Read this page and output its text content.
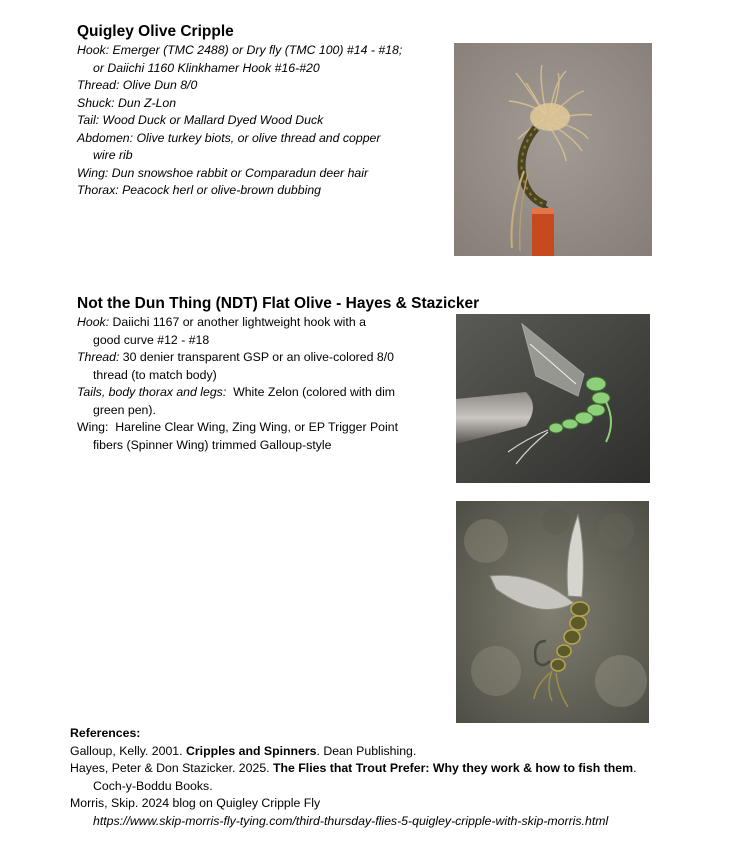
Quigley Olive Cripple
Hook: Emerger (TMC 2488) or Dry fly (TMC 100) #14 - #18;
or Daiichi 1160 Klinkhamer Hook #16-#20
Thread: Olive Dun 8/0
Shuck: Dun Z-Lon
Tail: Wood Duck or Mallard Dyed Wood Duck
Abdomen: Olive turkey biots, or olive thread and copper
wire rib
Wing: Dun snowshoe rabbit or Comparadun deer hair
Thorax: Peacock herl or olive-brown dubbing
Not the Dun Thing (NDT) Flat Olive - Hayes & Stazicker
Hook: Daiichi 1167 or another lightweight hook with a
good curve #12 - #18
Thread: 30 denier transparent GSP or an olive-colored 8/0
thread (to match body)
Tails, body thorax and legs:  White Zelon (colored with dim
green pen).
Wing:  Hareline Clear Wing, Zing Wing, or EP Trigger Point
fibers (Spinner Wing) trimmed Galloup-style
References:
Galloup, Kelly. 2001. Cripples and Spinners. Dean Publishing.
Hayes, Peter & Don Stazicker. 2025. The Flies that Trout Prefer: Why they work & how to fish them.
Coch-y-Boddu Books.
Morris, Skip. 2024 blog on Quigley Cripple Fly
https://www.skip-morris-fly-tying.com/third-thursday-flies-5-quigley-cripple-with-skip-morris.html
